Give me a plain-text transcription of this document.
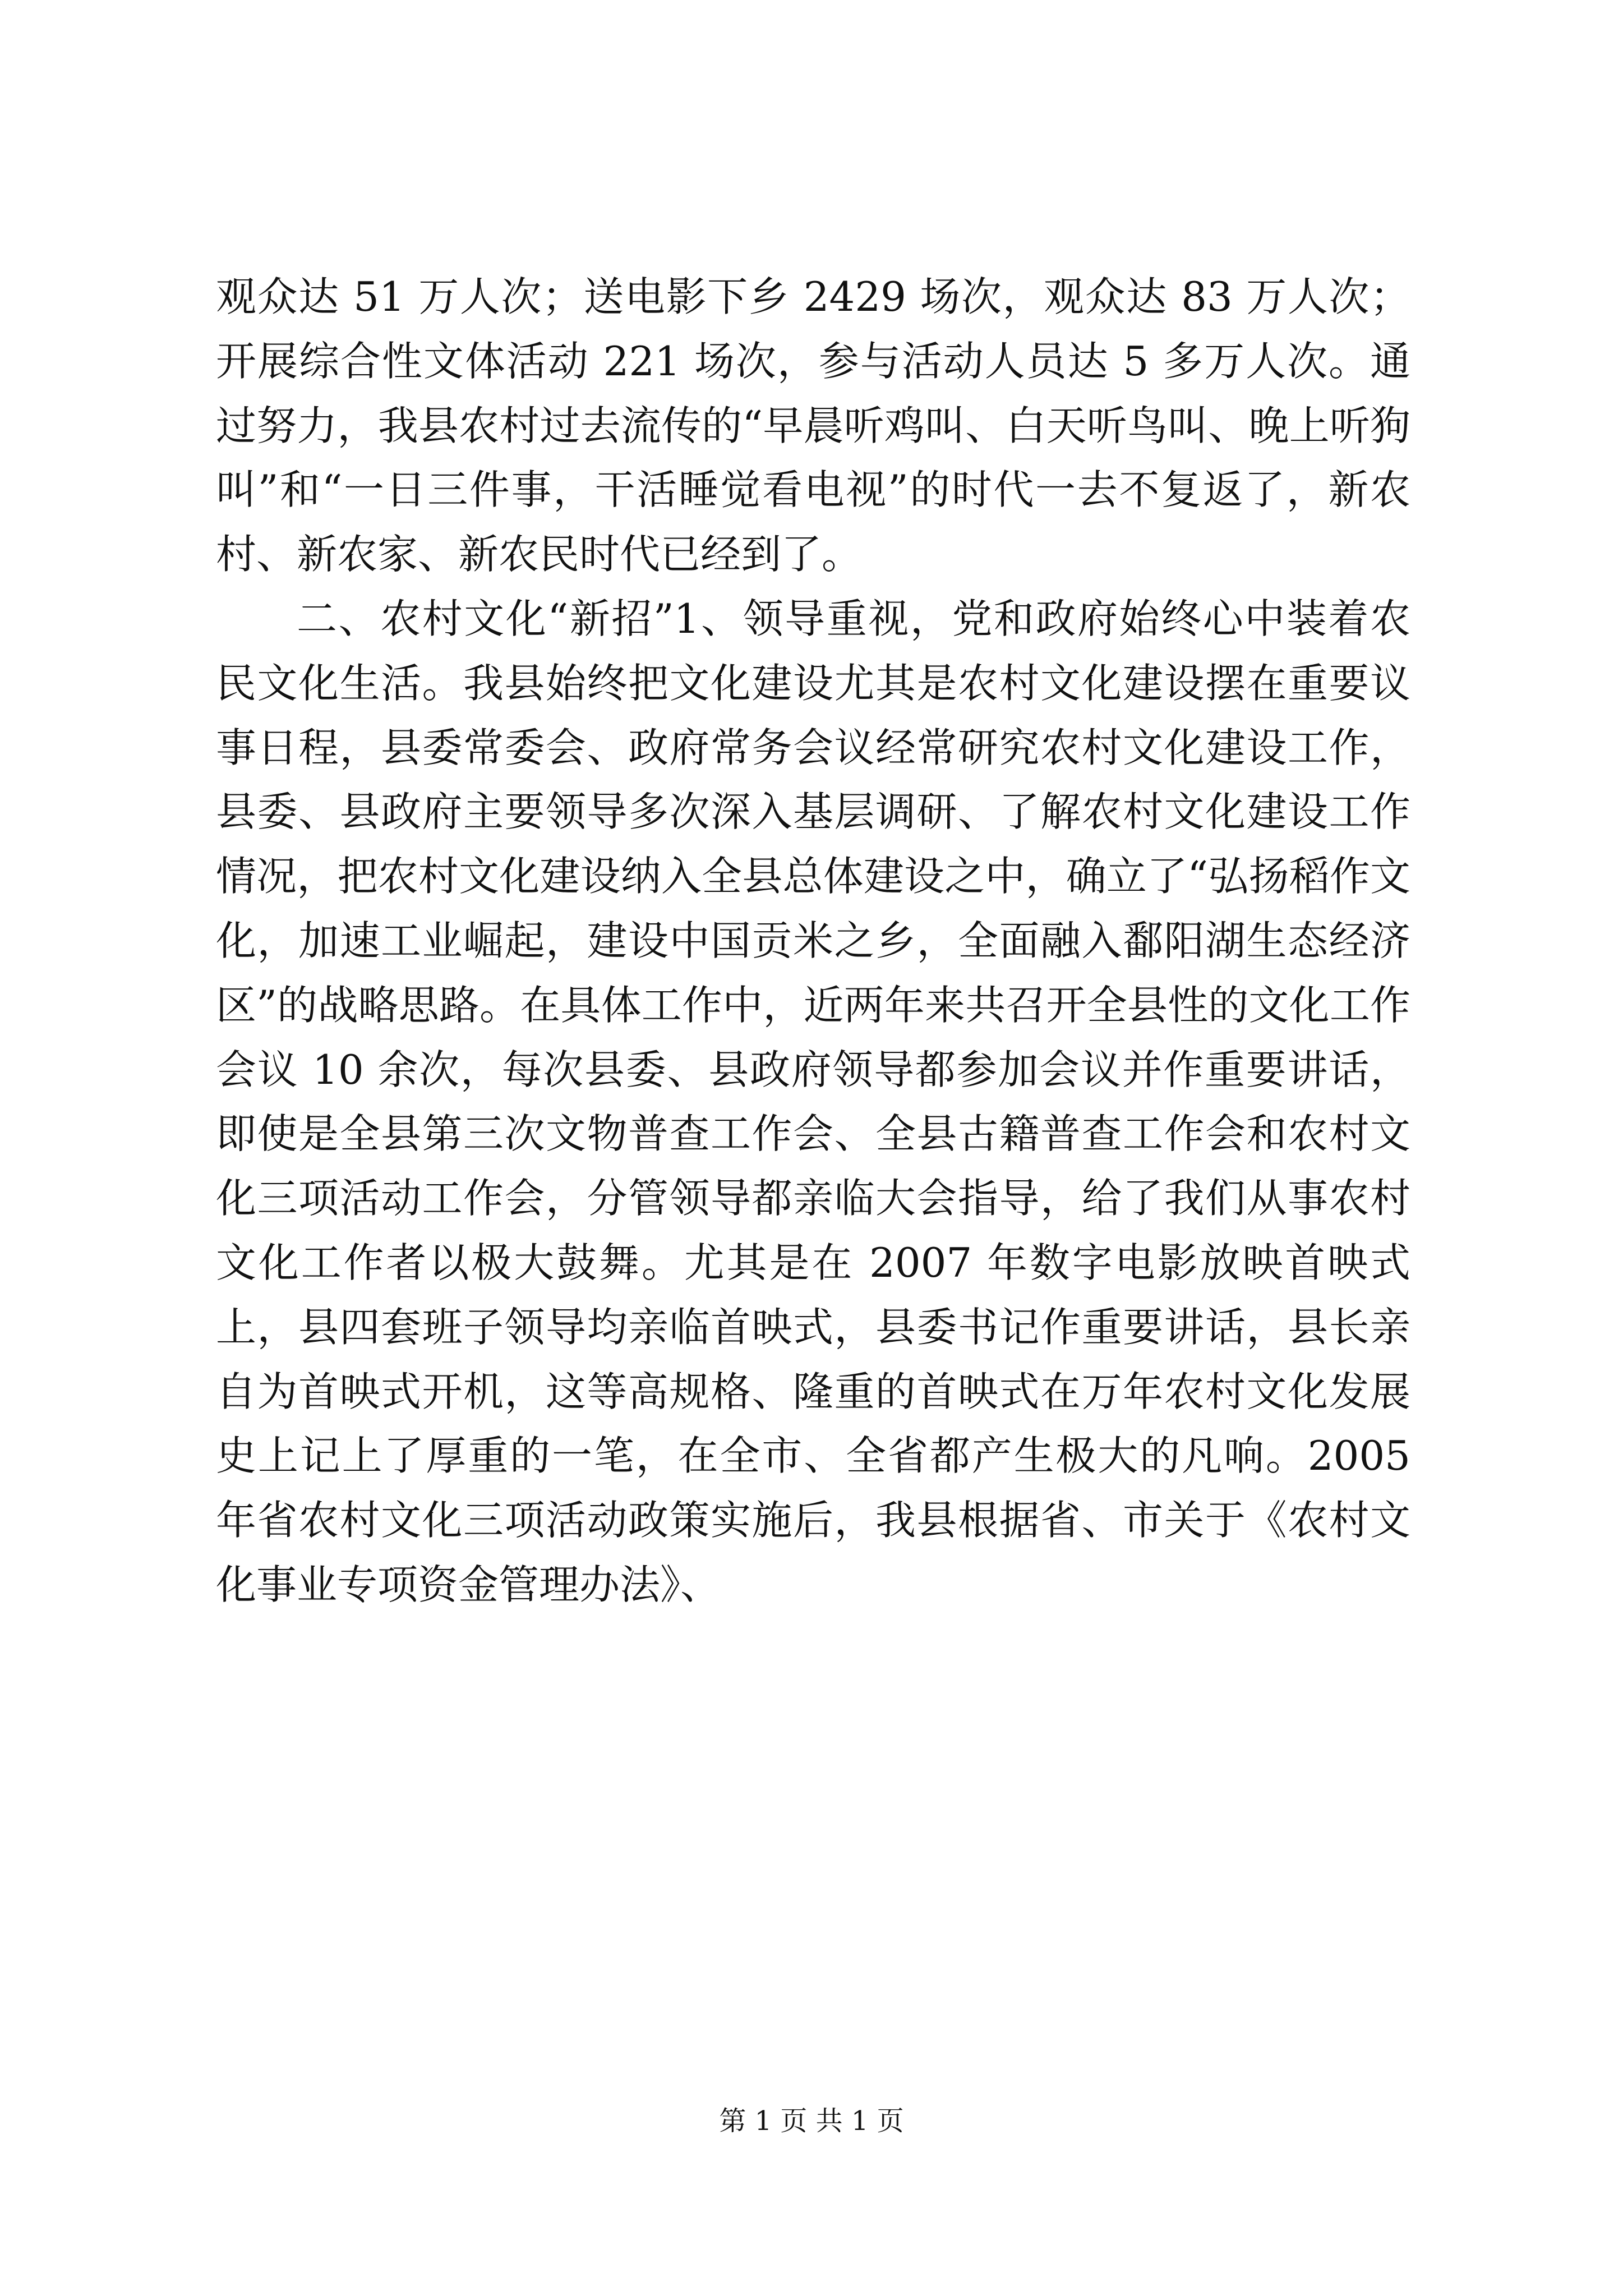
观众达 51 万人次；送电影下乡 2429 场次，观众达 83 万人次；开展综合性文体活动 221 场次，参与活动人员达 5 多万人次。通过努力，我县农村过去流传的“早晨听鸡叫、白天听鸟叫、晚上听狗叫”和“一日三件事，干活睡觉看电视”的时代一去不复返了，新农村、新农家、新农民时代已经到了。

二、农村文化“新招”1、领导重视，党和政府始终心中装着农民文化生活。我县始终把文化建设尤其是农村文化建设摆在重要议事日程，县委常委会、政府常务会议经常研究农村文化建设工作，县委、县政府主要领导多次深入基层调研、了解农村文化建设工作情况，把农村文化建设纳入全县总体建设之中，确立了“弘扬稻作文化，加速工业崛起，建设中国贡米之乡，全面融入鄱阳湖生态经济区”的战略思路。在具体工作中，近两年来共召开全县性的文化工作会议 10 余次，每次县委、县政府领导都参加会议并作重要讲话，即使是全县第三次文物普查工作会、全县古籍普查工作会和农村文化三项活动工作会，分管领导都亲临大会指导，给了我们从事农村文化工作者以极大鼓舞。尤其是在 2007 年数字电影放映首映式上，县四套班子领导均亲临首映式，县委书记作重要讲话，县长亲自为首映式开机，这等高规格、隆重的首映式在万年农村文化发展史上记上了厚重的一笔，在全市、全省都产生极大的凡响。2005 年省农村文化三项活动政策实施后，我县根据省、市关于《农村文化事业专项资金管理办法》、

第 1 页 共 1 页
